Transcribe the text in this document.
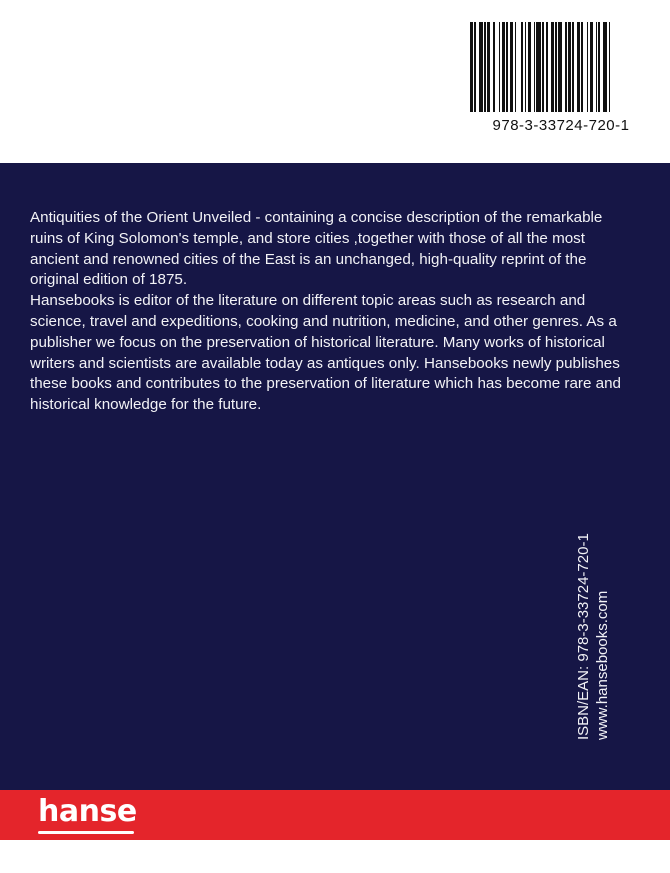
978-3-33724-720-1

Antiquities of the Orient Unveiled - containing a concise description of the remarkable ruins of King Solomon's temple, and store cities ,together with those of all the most ancient and renowned cities of the East is an unchanged, high-quality reprint of the original edition of 1875.

Hansebooks is editor of the literature on different topic areas such as research and science, travel and expeditions, cooking and nutrition, medicine, and other genres. As a publisher we focus on the preservation of historical literature. Many works of historical writers and scientists are available today as antiques only. Hansebooks newly publishes these books and contributes to the preservation of literature which has become rare and historical knowledge for the future.

ISBN/EAN: 978-3-33724-720-1 www.hansebooks.com
hanse
